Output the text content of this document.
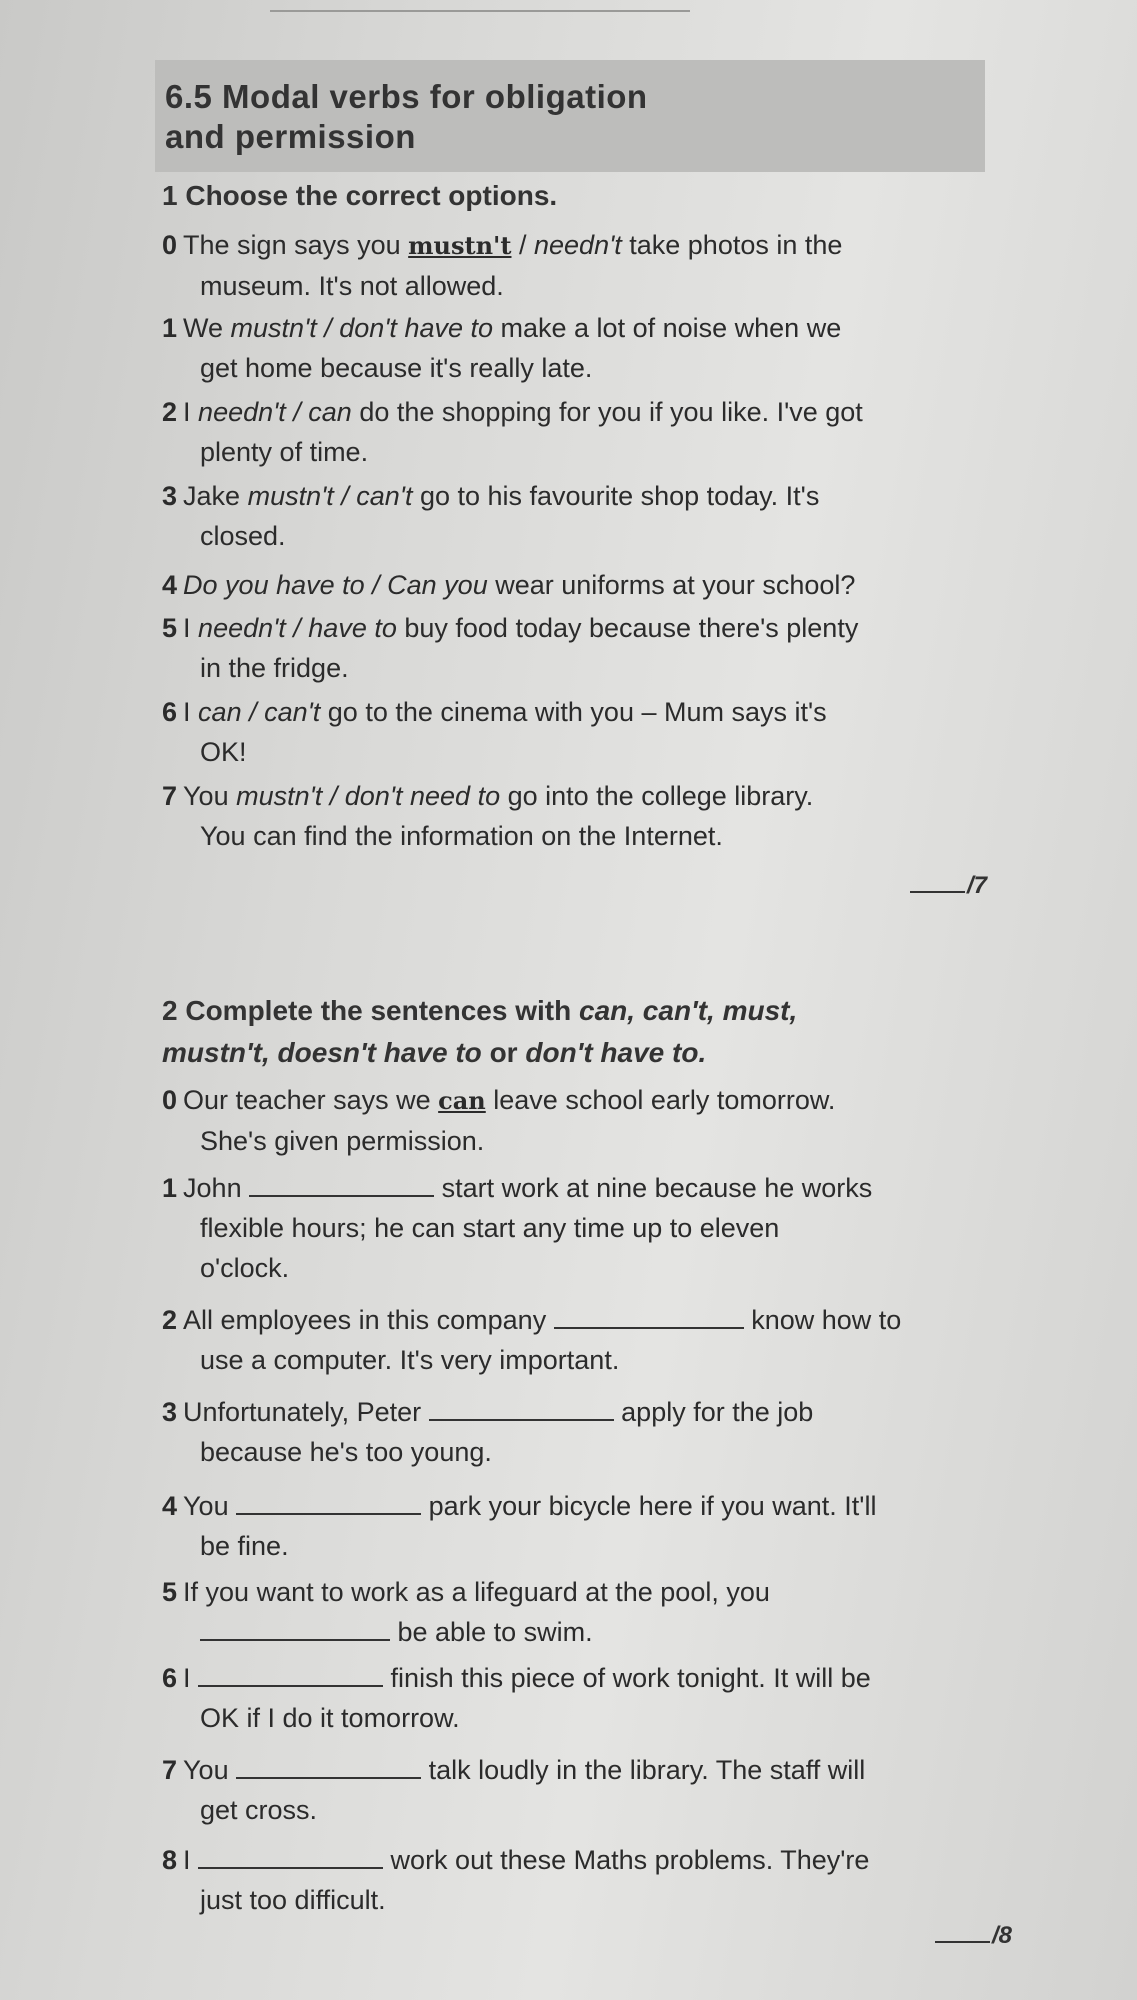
6.5 Modal verbs for obligation
and permission
1 Choose the correct options.
0 The sign says you mustn't / needn't take photos in the
museum. It's not allowed.
1 We mustn't / don't have to make a lot of noise when we
get home because it's really late.
2 I needn't / can do the shopping for you if you like. I've got
plenty of time.
3 Jake mustn't / can't go to his favourite shop today. It's
closed.
4 Do you have to / Can you wear uniforms at your school?
5 I needn't / have to buy food today because there's plenty
in the fridge.
6 I can / can't go to the cinema with you – Mum says it's
OK!
7 You mustn't / don't need to go into the college library.
You can find the information on the Internet.
/7
2 Complete the sentences with can, can't, must,
mustn't, doesn't have to or don't have to.
0 Our teacher says we can leave school early tomorrow.
She's given permission.
1 John	start work at nine because he works
flexible hours; he can start any time up to eleven
o'clock.
2 All employees in this company	know how to
use a computer. It's very important.
3 Unfortunately, Peter	apply for the job
because he's too young.
4 You	park your bicycle here if you want. It'll
be fine.
5 If you want to work as a lifeguard at the pool, you
be able to swim.
6 I	finish this piece of work tonight. It will be
OK if I do it tomorrow.
7 You	talk loudly in the library. The staff will
get cross.
8 I	work out these Maths problems. They're
just too difficult.
/8
